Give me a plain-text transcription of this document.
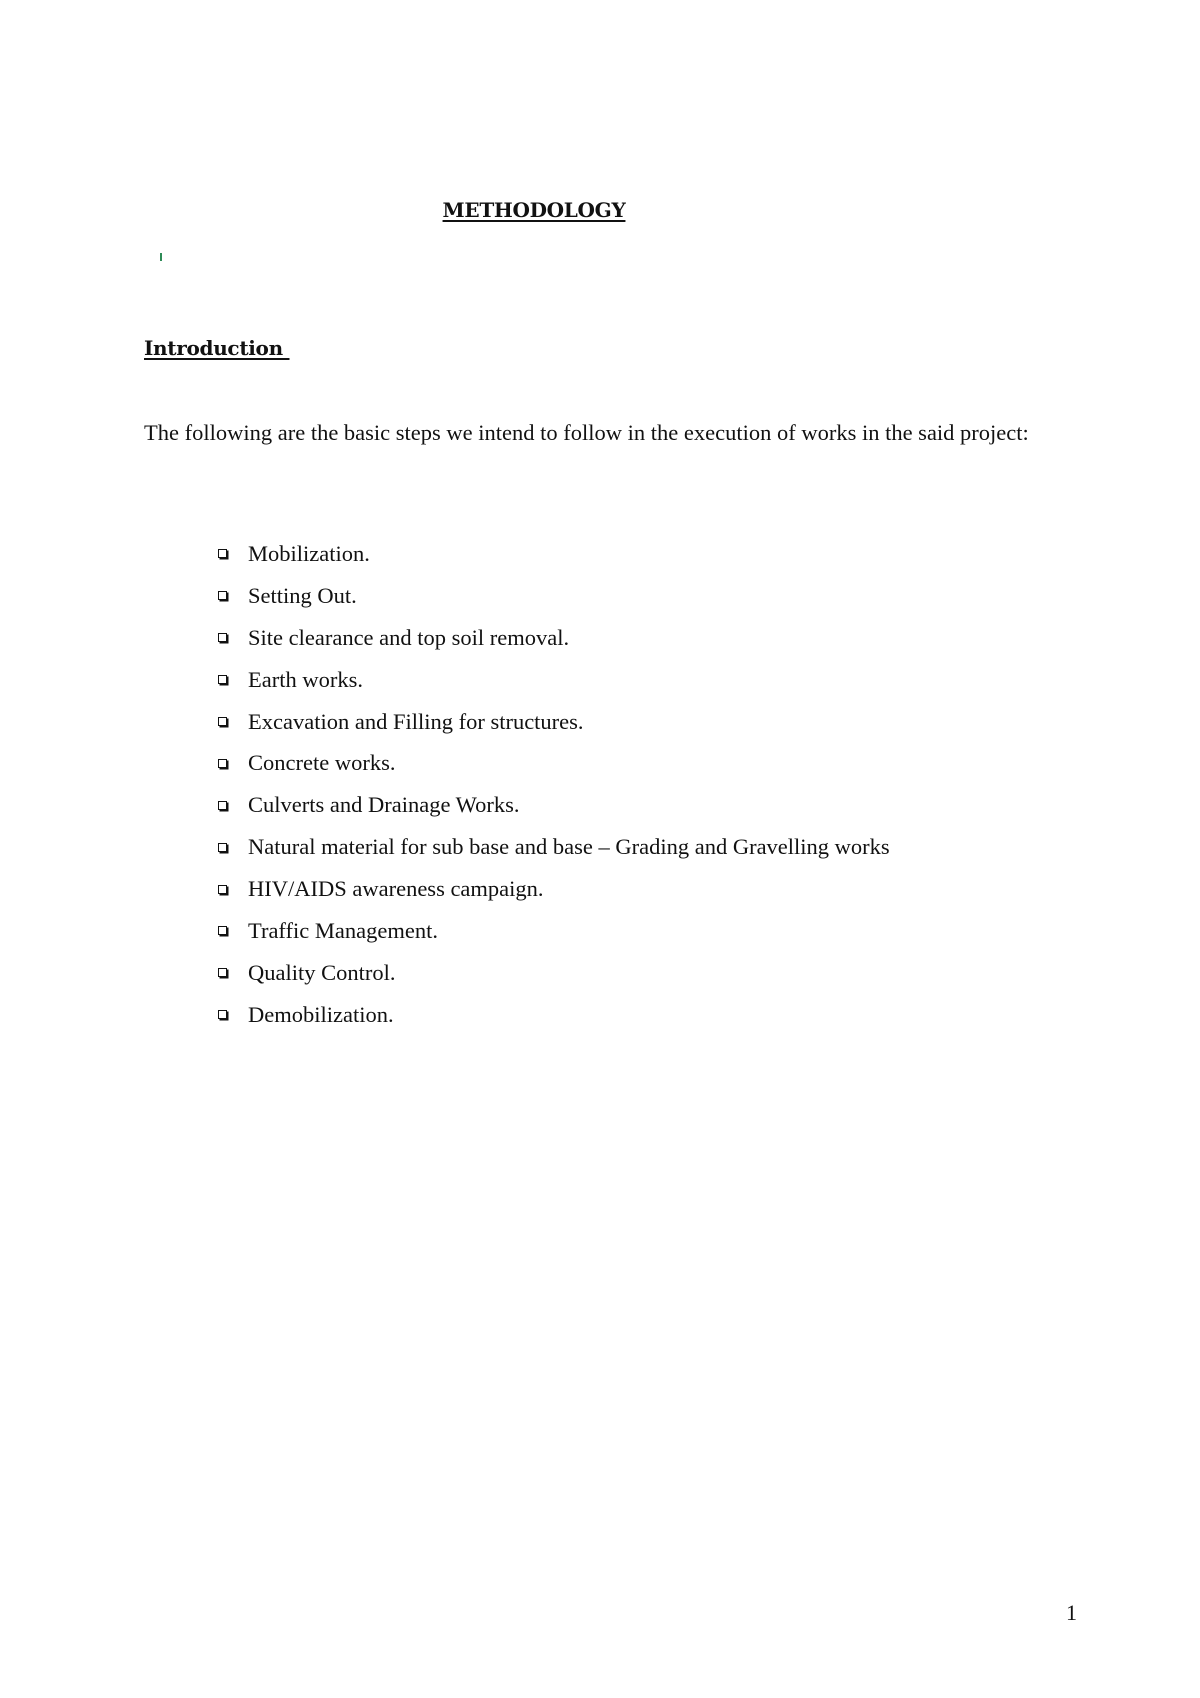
METHODOLOGY
Introduction

The following are the basic steps we intend to follow in the execution of works in the said project:

Mobilization.
Setting Out.
Site clearance and top soil removal.
Earth works.
Excavation and Filling for structures.
Concrete works.
Culverts and Drainage Works.
Natural material for sub base and base – Grading and Gravelling works
HIV/AIDS awareness campaign.
Traffic Management.
Quality Control.
Demobilization.

1
